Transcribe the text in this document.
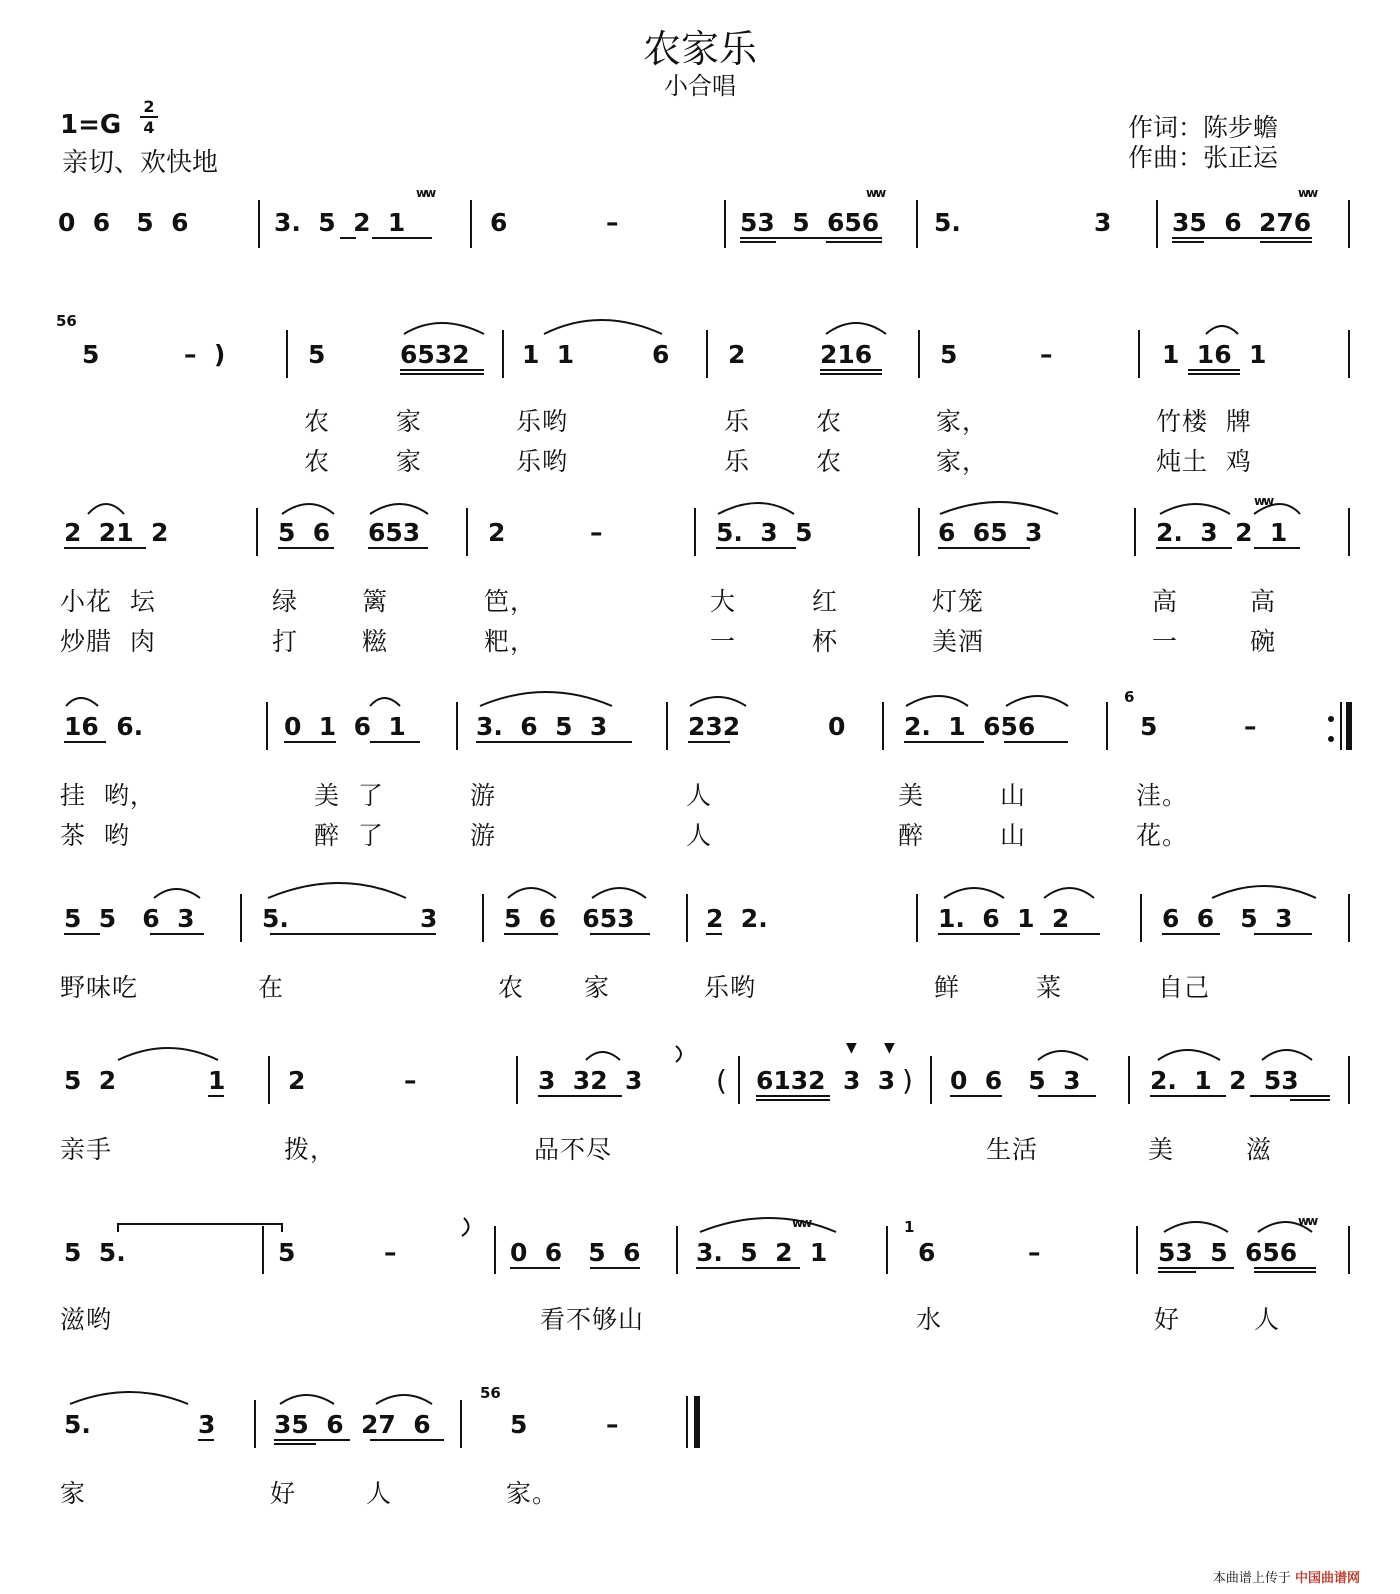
农家乐
小合唱
1=G
2
4
亲切、欢快地
作词：陈步蟾
作曲：张正运
0  6   5  6	3.  5  2  1	6	–	53  5  656 5.	3 35  6  276
ww	ww	ww
56
5	–  )	5	6532 1  1	6 2	216	5	–	1  16  1
农	家	乐哟	乐	农	家，	竹楼  牌
农	家	乐哟	乐	农	家，	炖土  鸡
2  21  2	5  6 653	2	–	5.  3  5	6  65  3	2.  3  2  1
ww
小花  坛	绿	篱	笆，	大	红	灯笼	高	高
炒腊  肉	打	糍	粑，	一	杯	美酒	一	碗
16  6.	0  1  6  1	3.  6  5  3	232	0 2.  1  656
6
5	–
挂  哟，	美  了	游	人	美	山	洼。
茶  哟	醉  了	游	人	醉	山	花。
5  5   6  3	5.	3	5  6   653	2  2.	1.  6  1  2	6  6   5  3
野味吃	在	农 家	乐哟	鲜	菜	自己
5  2	1	2	–	3  32  3	( 6132  3  3 ) 0  6   5  3	2.  1  2  53
▼ ▼
亲手	拨，	品不尽	生活	美	滋
5  5.	5	–	0  6   5  6 3.  5  2  1
1
6	–	53  5  656
ww	ww
滋哟	看不够山	水	好	人
5.	3 35  6  27  6
56
5	–
家	好	人	家。
本曲谱上传于 中国曲谱网
